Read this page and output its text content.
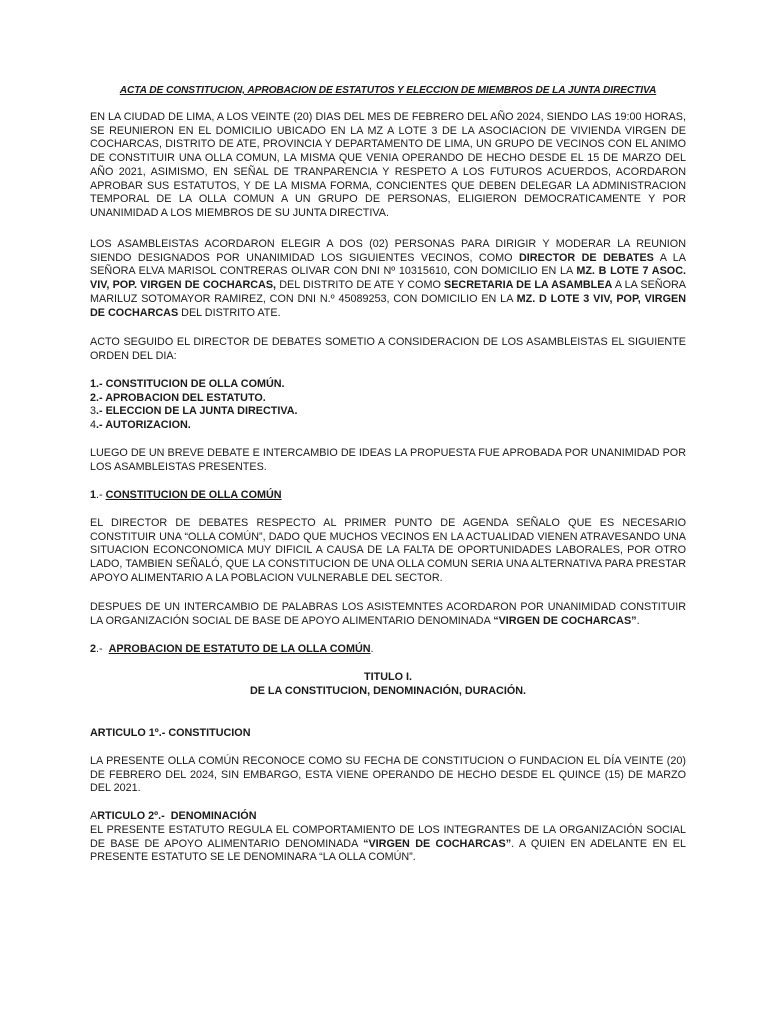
ACTA DE CONSTITUCION, APROBACION DE ESTATUTOS Y ELECCION DE MIEMBROS DE LA JUNTA DIRECTIVA

EN LA CIUDAD DE LIMA, A LOS VEINTE (20) DIAS DEL MES DE FEBRERO DEL AÑO 2024, SIENDO LAS 19:00 HORAS, SE REUNIERON EN EL DOMICILIO UBICADO EN LA MZ A LOTE 3 DE LA ASOCIACION DE VIVIENDA VIRGEN DE COCHARCAS, DISTRITO DE ATE, PROVINCIA Y DEPARTAMENTO DE LIMA, UN GRUPO DE VECINOS CON EL ANIMO DE CONSTITUIR UNA OLLA COMUN, LA MISMA QUE VENIA OPERANDO DE HECHO DESDE EL 15 DE MARZO DEL AÑO 2021, ASIMISMO, EN SEÑAL DE TRANPARENCIA Y RESPETO A LOS FUTUROS ACUERDOS, ACORDARON APROBAR SUS ESTATUTOS, Y DE LA MISMA FORMA, CONCIENTES QUE DEBEN DELEGAR LA ADMINISTRACION TEMPORAL DE LA OLLA COMUN A UN GRUPO DE PERSONAS, ELIGIERON DEMOCRATICAMENTE Y POR UNANIMIDAD A LOS MIEMBROS DE SU JUNTA DIRECTIVA.

LOS ASAMBLEISTAS ACORDARON ELEGIR A DOS (02) PERSONAS PARA DIRIGIR Y MODERAR LA REUNION SIENDO DESIGNADOS POR UNANIMIDAD LOS SIGUIENTES VECINOS, COMO DIRECTOR DE DEBATES A LA SEÑORA ELVA MARISOL CONTRERAS OLIVAR CON DNI Nº 10315610, CON DOMICILIO EN LA MZ. B LOTE 7 ASOC. VIV, POP. VIRGEN DE COCHARCAS, DEL DISTRITO DE ATE Y COMO SECRETARIA DE LA ASAMBLEA A LA SEÑORA MARILUZ SOTOMAYOR RAMIREZ, CON DNI N.º 45089253, CON DOMICILIO EN LA MZ. D LOTE 3 VIV, POP, VIRGEN DE COCHARCAS DEL DISTRITO ATE.

ACTO SEGUIDO EL DIRECTOR DE DEBATES SOMETIO A CONSIDERACION DE LOS ASAMBLEISTAS EL SIGUIENTE ORDEN DEL DIA:

1.- CONSTITUCION DE OLLA COMÚN.
2.- APROBACION DEL ESTATUTO.
3.- ELECCION DE LA JUNTA DIRECTIVA.
4.- AUTORIZACION.

LUEGO DE UN BREVE DEBATE E INTERCAMBIO DE IDEAS LA PROPUESTA FUE APROBADA POR UNANIMIDAD POR LOS ASAMBLEISTAS PRESENTES.

1.- CONSTITUCION DE OLLA COMÚN

EL DIRECTOR DE DEBATES RESPECTO AL PRIMER PUNTO DE AGENDA SEÑALO QUE ES NECESARIO CONSTITUIR UNA “OLLA COMÚN”, DADO QUE MUCHOS VECINOS EN LA ACTUALIDAD VIENEN ATRAVESANDO UNA SITUACION ECONCONOMICA MUY DIFICIL A CAUSA DE LA FALTA DE OPORTUNIDADES LABORALES, POR OTRO LADO, TAMBIEN SEÑALÓ, QUE LA CONSTITUCION DE UNA OLLA COMUN SERIA UNA ALTERNATIVA PARA PRESTAR APOYO ALIMENTARIO A LA POBLACION VULNERABLE DEL SECTOR.

DESPUES DE UN INTERCAMBIO DE PALABRAS LOS ASISTEMNTES ACORDARON POR UNANIMIDAD CONSTITUIR LA ORGANIZACIÓN SOCIAL DE BASE DE APOYO ALIMENTARIO DENOMINADA “VIRGEN DE COCHARCAS”.

2.-  APROBACION DE ESTATUTO DE LA OLLA COMÚN.
TITULO I.
DE LA CONSTITUCION, DENOMINACIÓN, DURACIÓN.
ARTICULO 1º.- CONSTITUCION

LA PRESENTE OLLA COMÚN RECONOCE COMO SU FECHA DE CONSTITUCION O FUNDACION EL DÍA VEINTE (20) DE FEBRERO DEL 2024, SIN EMBARGO, ESTA VIENE OPERANDO DE HECHO DESDE EL QUINCE (15) DE MARZO DEL 2021.

ARTICULO 2º.-  DENOMINACIÓN

EL PRESENTE ESTATUTO REGULA EL COMPORTAMIENTO DE LOS INTEGRANTES DE LA ORGANIZACIÓN SOCIAL DE BASE DE APOYO ALIMENTARIO DENOMINADA “VIRGEN DE COCHARCAS”. A QUIEN EN ADELANTE EN EL PRESENTE ESTATUTO SE LE DENOMINARA “LA OLLA COMÚN”.
